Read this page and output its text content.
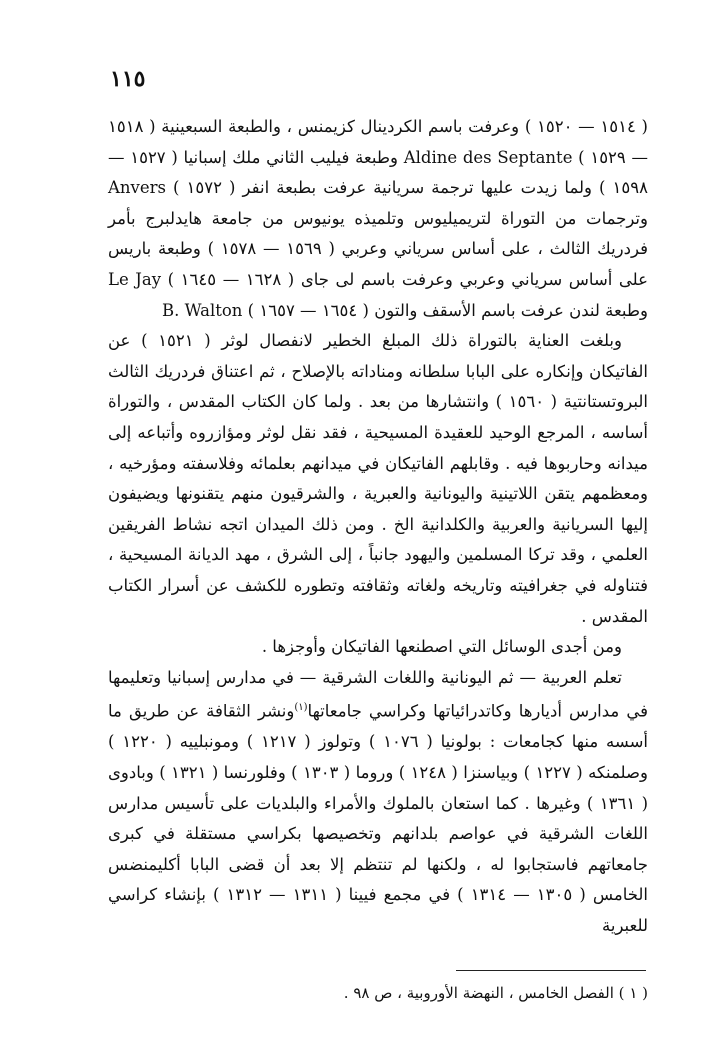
١١٥

( ١٥١٤ — ١٥٢٠ ) وعرفت باسم الكردينال كزيمنس ، والطبعة السبعينية ( ١٥١٨ — ١٥٢٩ ) Aldine des Septante وطبعة فيليب الثاني ملك إسبانيا ( ١٥٢٧ — ١٥٩٨ ) ولما زيدت عليها ترجمة سريانية عرفت بطبعة انفر ( ١٥٧٢ ) Anvers وترجمات من التوراة لتريميليوس وتلميذه يونيوس من جامعة هايدلبرج بأمر فردريك الثالث ، على أساس سرياني وعربي ( ١٥٦٩ — ١٥٧٨ ) وطبعة باريس على أساس سرياني وعربي وعرفت باسم لى جاى ( ١٦٢٨ — ١٦٤٥ ) Le Jay وطبعة لندن عرفت باسم الأسقف والتون ( ١٦٥٤ — ١٦٥٧ ) B. Walton

وبلغت العناية بالتوراة ذلك المبلغ الخطير لانفصال لوثر ( ١٥٢١ ) عن الفاتيكان وإنكاره على البابا سلطانه ومناداته بالإصلاح ، ثم اعتناق فردريك الثالث البروتستانتية ( ١٥٦٠ ) وانتشارها من بعد . ولما كان الكتاب المقدس ، والتوراة أساسه ، المرجع الوحيد للعقيدة المسيحية ، فقد نقل لوثر ومؤازروه وأتباعه إلى ميدانه وحاربوها فيه . وقابلهم الفاتيكان في ميدانهم بعلمائه وفلاسفته ومؤرخيه ، ومعظمهم يتقن اللاتينية واليونانية والعبرية ، والشرقيون منهم يتقنونها ويضيفون إليها السريانية والعربية والكلدانية الخ . ومن ذلك الميدان اتجه نشاط الفريقين العلمي ، وقد تركا المسلمين واليهود جانباً ، إلى الشرق ، مهد الديانة المسيحية ، فتناوله في جغرافيته وتاريخه ولغاته وثقافته وتطوره للكشف عن أسرار الكتاب المقدس .

ومن أجدى الوسائل التي اصطنعها الفاتيكان وأوجزها .

تعلم العربية — ثم اليونانية واللغات الشرقية — في مدارس إسبانيا وتعليمها في مدارس أديارها وكاتدرائياتها وكراسي جامعاتها$^{(١)}$ونشر الثقافة عن طريق ما أسسه منها كجامعات : بولونيا ( ١٠٧٦ ) وتولوز ( ١٢١٧ ) ومونبلييه ( ١٢٢٠ ) وصلمنكه ( ١٢٢٧ ) وبياسنزا ( ١٢٤٨ ) وروما ( ١٣٠٣ ) وفلورنسا ( ١٣٢١ ) وبادوى ( ١٣٦١ ) وغيرها . كما استعان بالملوك والأمراء والبلديات على تأسيس مدارس اللغات الشرقية في عواصم بلدانهم وتخصيصها بكراسي مستقلة في كبرى جامعاتهم فاستجابوا له ، ولكنها لم تنتظم إلا بعد أن قضى البابا أكليمنضس الخامس ( ١٣٠٥ — ١٣١٤ ) في مجمع فيينا ( ١٣١١ — ١٣١٢ ) بإنشاء كراسي للعبرية

( ١ ) الفصل الخامس ، النهضة الأوروبية ، ص ٩٨ .
